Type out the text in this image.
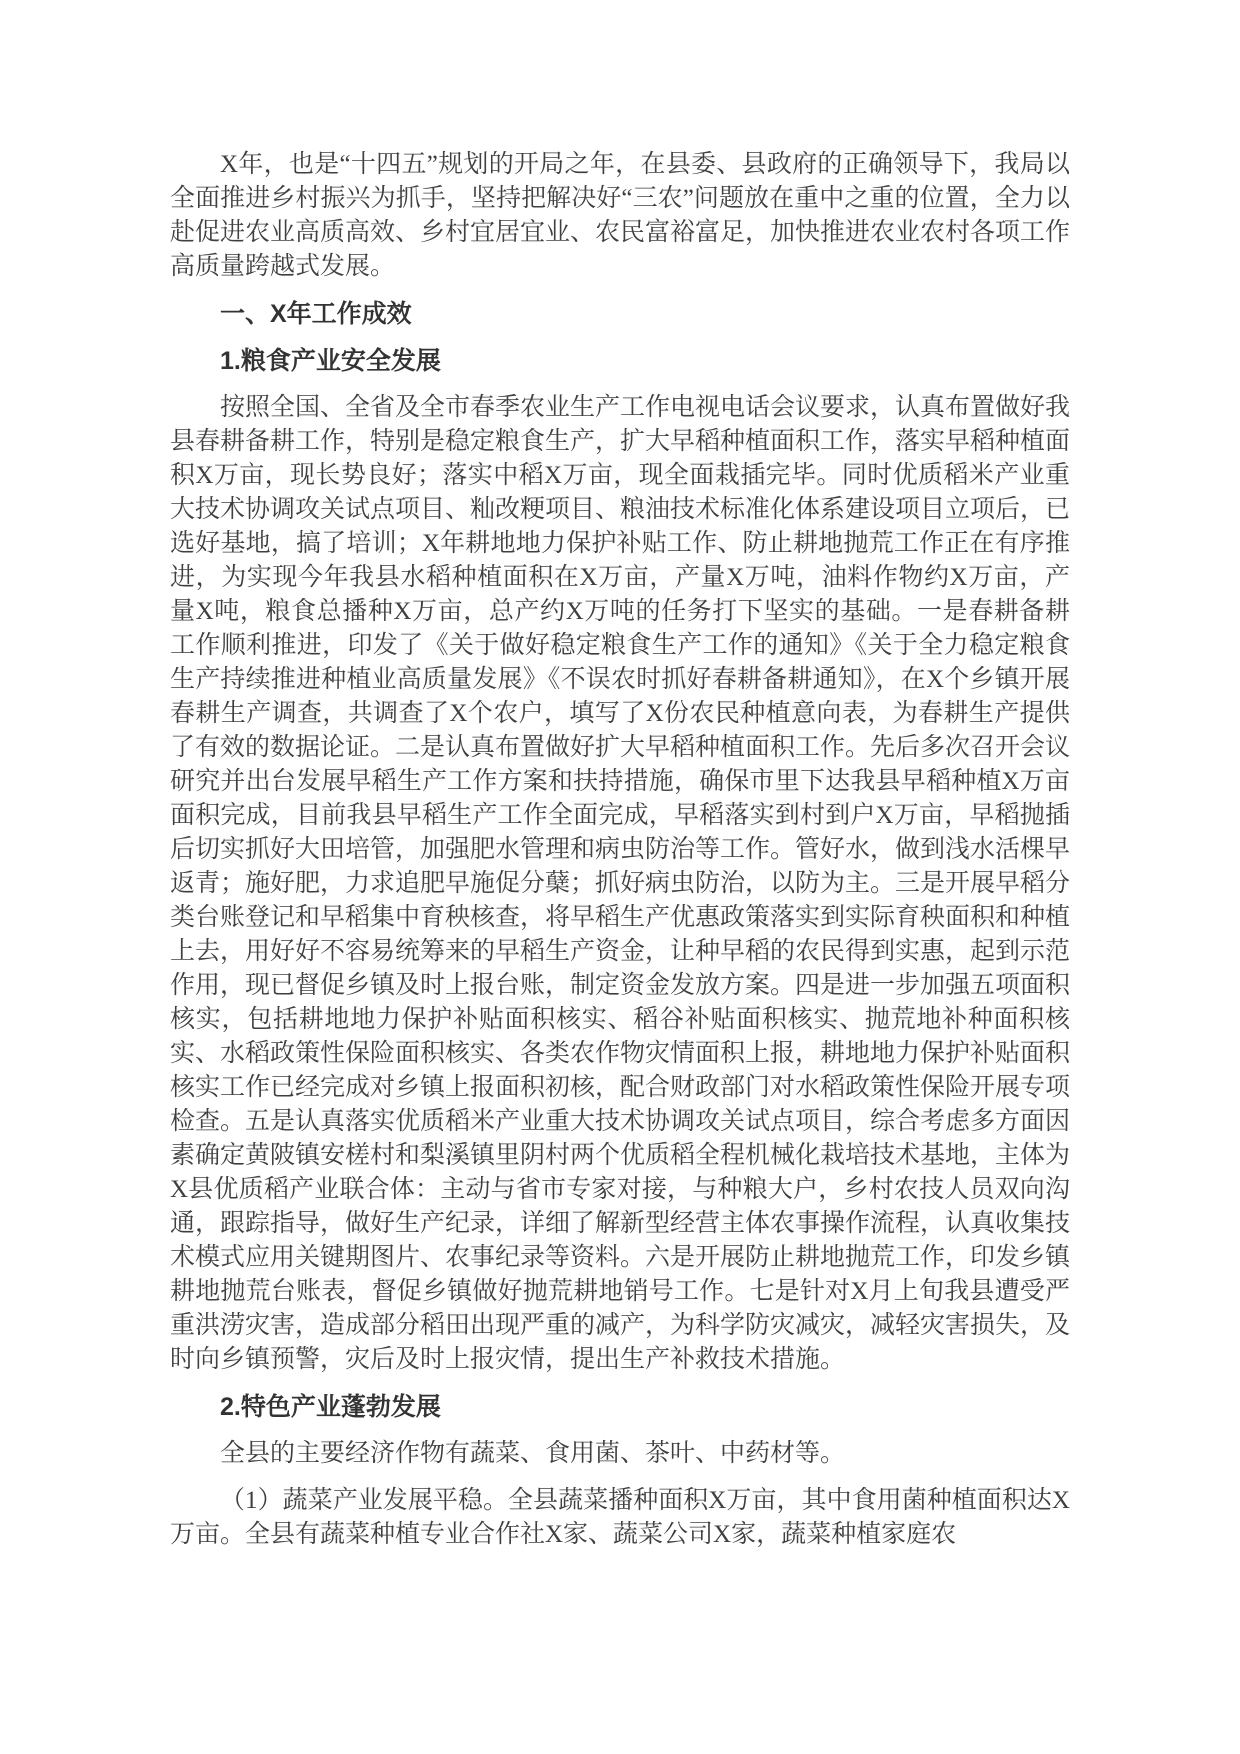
X年，也是“十四五”规划的开局之年，在县委、县政府的正确领导下，我局以全面推进乡村振兴为抓手，坚持把解决好“三农”问题放在重中之重的位置，全力以赴促进农业高质高效、乡村宜居宜业、农民富裕富足，加快推进农业农村各项工作高质量跨越式发展。

一、X年工作成效
1.粮食产业安全发展

按照全国、全省及全市春季农业生产工作电视电话会议要求，认真布置做好我县春耕备耕工作，特别是稳定粮食生产，扩大早稻种植面积工作，落实早稻种植面积X万亩，现长势良好；落实中稻X万亩，现全面栽插完毕。同时优质稻米产业重大技术协调攻关试点项目、籼改粳项目、粮油技术标准化体系建设项目立项后，已选好基地，搞了培训；X年耕地地力保护补贴工作、防止耕地抛荒工作正在有序推进，为实现今年我县水稻种植面积在X万亩，产量X万吨，油料作物约X万亩，产量X吨，粮食总播种X万亩，总产约X万吨的任务打下坚实的基础。一是春耕备耕工作顺利推进，印发了《关于做好稳定粮食生产工作的通知》《关于全力稳定粮食生产持续推进种植业高质量发展》《不误农时抓好春耕备耕通知》，在X个乡镇开展春耕生产调查，共调查了X个农户，填写了X份农民种植意向表，为春耕生产提供了有效的数据论证。二是认真布置做好扩大早稻种植面积工作。先后多次召开会议研究并出台发展早稻生产工作方案和扶持措施，确保市里下达我县早稻种植X万亩面积完成，目前我县早稻生产工作全面完成，早稻落实到村到户X万亩，早稻抛插后切实抓好大田培管，加强肥水管理和病虫防治等工作。管好水，做到浅水活棵早返青；施好肥，力求追肥早施促分蘖；抓好病虫防治，以防为主。三是开展早稻分类台账登记和早稻集中育秧核查，将早稻生产优惠政策落实到实际育秧面积和种植上去，用好好不容易统筹来的早稻生产资金，让种早稻的农民得到实惠，起到示范作用，现已督促乡镇及时上报台账，制定资金发放方案。四是进一步加强五项面积核实，包括耕地地力保护补贴面积核实、稻谷补贴面积核实、抛荒地补种面积核实、水稻政策性保险面积核实、各类农作物灾情面积上报，耕地地力保护补贴面积核实工作已经完成对乡镇上报面积初核，配合财政部门对水稻政策性保险开展专项检查。五是认真落实优质稻米产业重大技术协调攻关试点项目，综合考虑多方面因素确定黄陂镇安槎村和梨溪镇里阴村两个优质稻全程机械化栽培技术基地，主体为X县优质稻产业联合体：主动与省市专家对接，与种粮大户，乡村农技人员双向沟通，跟踪指导，做好生产纪录，详细了解新型经营主体农事操作流程，认真收集技术模式应用关键期图片、农事纪录等资料。六是开展防止耕地抛荒工作，印发乡镇耕地抛荒台账表，督促乡镇做好抛荒耕地销号工作。七是针对X月上旬我县遭受严重洪涝灾害，造成部分稻田出现严重的减产，为科学防灾减灾，减轻灾害损失，及时向乡镇预警，灾后及时上报灾情，提出生产补救技术措施。

2.特色产业蓬勃发展

全县的主要经济作物有蔬菜、食用菌、茶叶、中药材等。

（1）蔬菜产业发展平稳。全县蔬菜播种面积X万亩，其中食用菌种植面积达X万亩。全县有蔬菜种植专业合作社X家、蔬菜公司X家，蔬菜种植家庭农
